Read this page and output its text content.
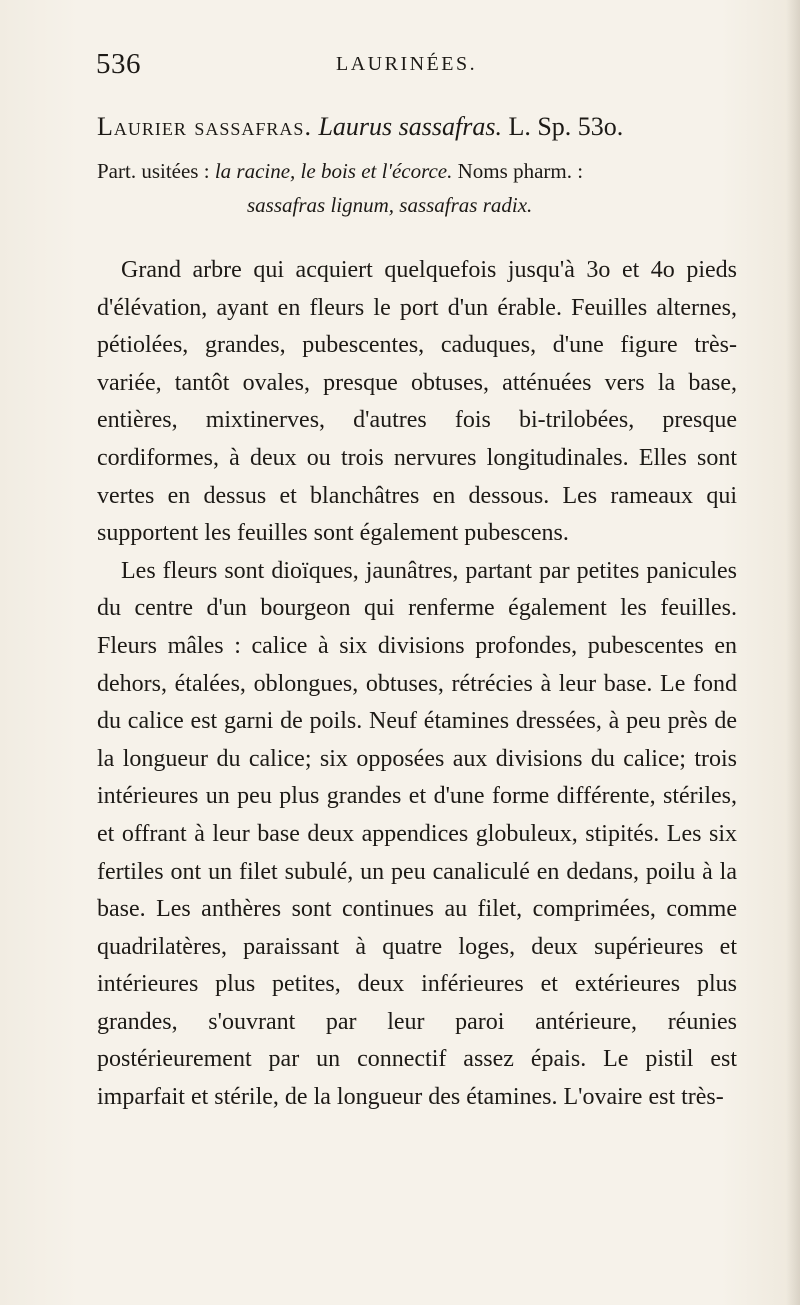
536	LAURINÉES.
Laurier sassafras. Laurus sassafras. L. Sp. 53o.
Part. usitées : la racine, le bois et l'écorce. Noms pharm. :
sassafras lignum, sassafras radix.

Grand arbre qui acquiert quelquefois jusqu'à 3o et 4o pieds d'élévation, ayant en fleurs le port d'un érable. Feuilles alternes, pétiolées, grandes, pubescentes, caduques, d'une figure très-variée, tantôt ovales, presque obtuses, atténuées vers la base, entières, mixtinerves, d'autres fois bi-trilobées, presque cordiformes, à deux ou trois nervures longitudinales. Elles sont vertes en dessus et blanchâtres en dessous. Les rameaux qui supportent les feuilles sont également pubescens.

Les fleurs sont dioïques, jaunâtres, partant par petites panicules du centre d'un bourgeon qui renferme également les feuilles. Fleurs mâles : calice à six divisions profondes, pubescentes en dehors, étalées, oblongues, obtuses, rétrécies à leur base. Le fond du calice est garni de poils. Neuf étamines dressées, à peu près de la longueur du calice; six opposées aux divisions du calice; trois intérieures un peu plus grandes et d'une forme différente, stériles, et offrant à leur base deux appendices globuleux, stipités. Les six fertiles ont un filet subulé, un peu canaliculé en dedans, poilu à la base. Les anthères sont continues au filet, comprimées, comme quadrilatères, paraissant à quatre loges, deux supérieures et intérieures plus petites, deux inférieures et extérieures plus grandes, s'ouvrant par leur paroi antérieure, réunies postérieurement par un connectif assez épais. Le pistil est imparfait et stérile, de la longueur des étamines. L'ovaire est très-
